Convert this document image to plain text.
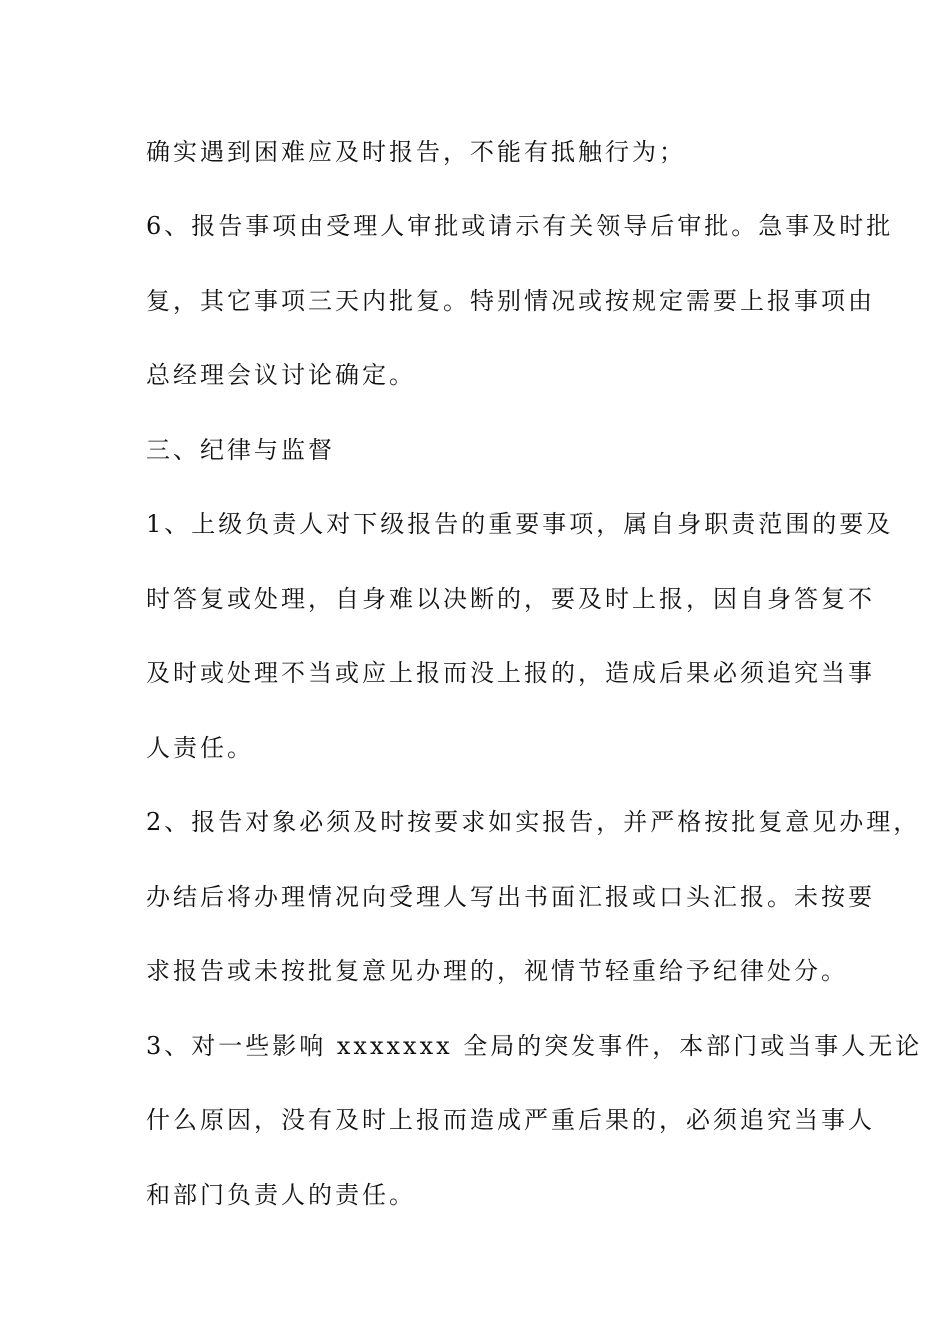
确实遇到困难应及时报告，不能有抵触行为；
6、报告事项由受理人审批或请示有关领导后审批。急事及时批
复，其它事项三天内批复。特别情况或按规定需要上报事项由
总经理会议讨论确定。
三、纪律与监督
1、上级负责人对下级报告的重要事项，属自身职责范围的要及
时答复或处理，自身难以决断的，要及时上报，因自身答复不
及时或处理不当或应上报而没上报的，造成后果必须追究当事
人责任。
2、报告对象必须及时按要求如实报告，并严格按批复意见办理，
办结后将办理情况向受理人写出书面汇报或口头汇报。未按要
求报告或未按批复意见办理的，视情节轻重给予纪律处分。
3、对一些影响 xxxxxxx 全局的突发事件，本部门或当事人无论
什么原因，没有及时上报而造成严重后果的，必须追究当事人
和部门负责人的责任。
